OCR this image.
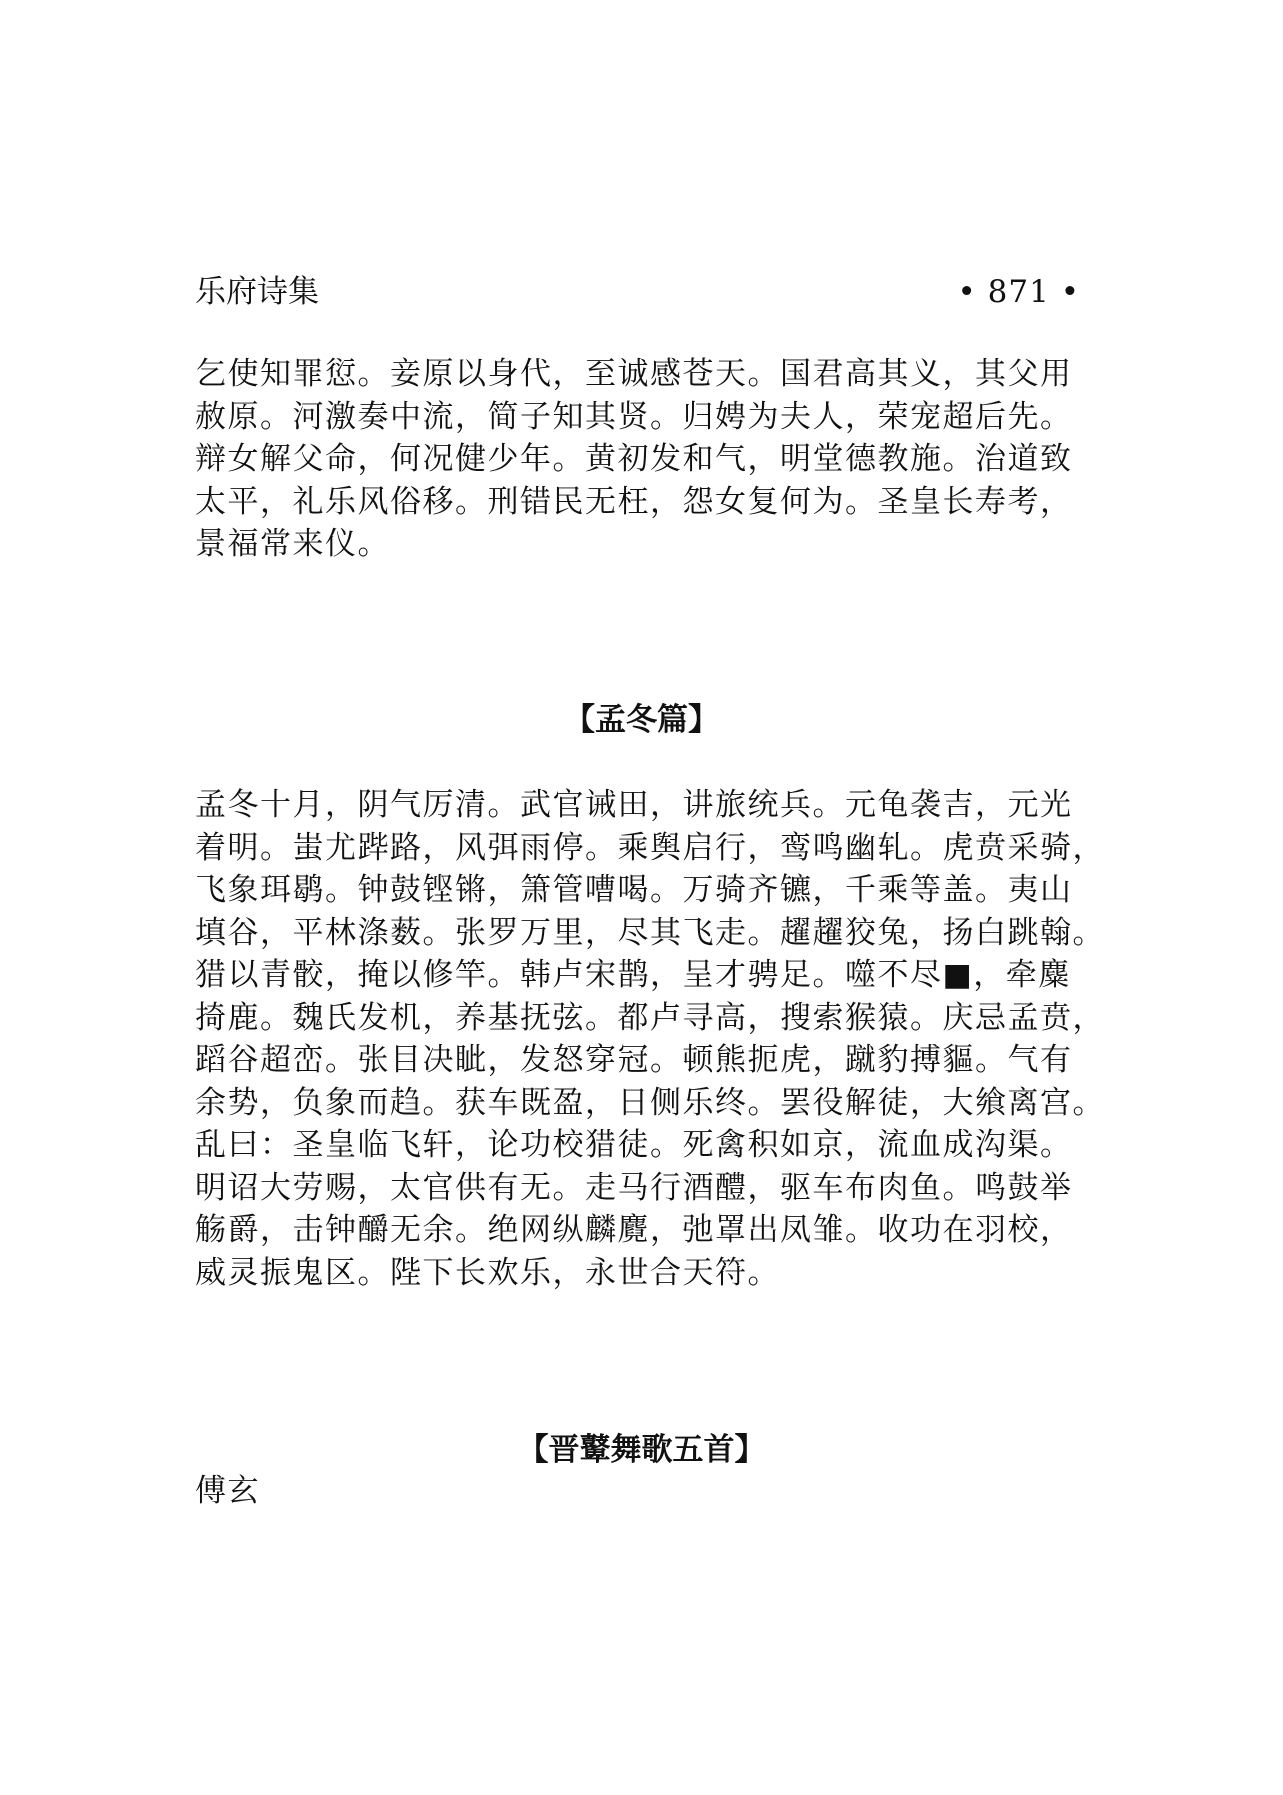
乐府诗集	• 871 •
乞使知罪愆。妾原以身代，至诚感苍天。国君高其义，其父用
赦原。河激奏中流，简子知其贤。归娉为夫人，荣宠超后先。
辩女解父命，何况健少年。黄初发和气，明堂德教施。治道致
太平，礼乐风俗移。刑错民无枉，怨女复何为。圣皇长寿考，
景福常来仪。
【孟冬篇】
孟冬十月，阴气厉清。武官诫田，讲旅统兵。元龟袭吉，元光
着明。蚩尤跸路，风弭雨停。乘舆启行，鸾鸣幽轧。虎贲采骑，
飞象珥鹖。钟鼓铿锵，箫管嘈喝。万骑齐镳，千乘等盖。夷山
填谷，平林涤薮。张罗万里，尽其飞走。趯趯狡兔，扬白跳翰。
猎以青骹，掩以修竿。韩卢宋鹊，呈才骋足。噬不尽■，牵麋
掎鹿。魏氏发机，养基抚弦。都卢寻高，搜索猴猿。庆忌孟贲，
蹈谷超峦。张目决眦，发怒穿冠。顿熊扼虎，蹴豹搏貙。气有
余势，负象而趋。获车既盈，日侧乐终。罢役解徒，大飨离宫。
乱曰：圣皇临飞轩，论功校猎徒。死禽积如京，流血成沟渠。
明诏大劳赐，太官供有无。走马行酒醴，驱车布肉鱼。鸣鼓举
觞爵，击钟釂无余。绝网纵麟麑，弛罩出凤雏。收功在羽校，
威灵振鬼区。陛下长欢乐，永世合天符。
【晋鼙舞歌五首】
傅玄
